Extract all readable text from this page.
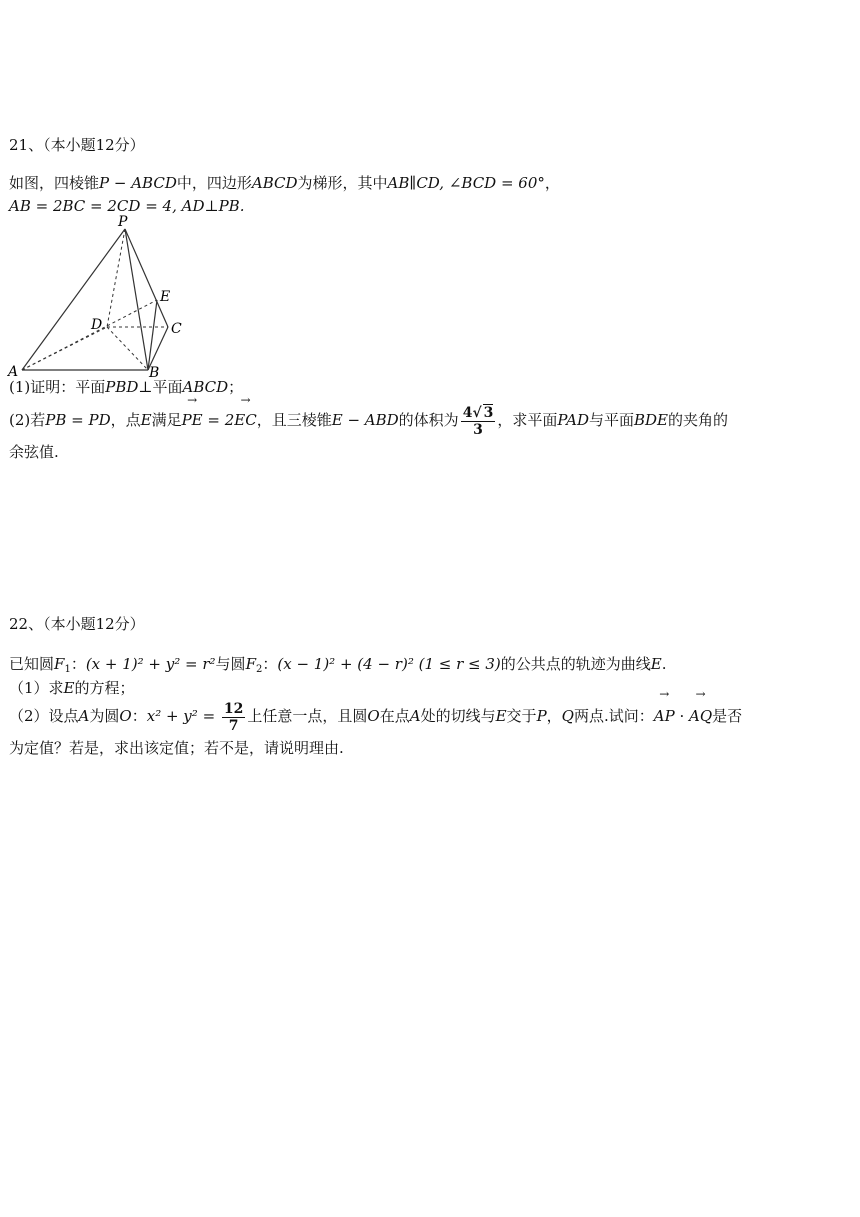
21、（本小题12分）
如图，四棱锥P − ABCD中，四边形ABCD为梯形，其中AB∥CD, ∠BCD = 60°，
AB = 2BC = 2CD = 4, AD⊥PB.
P
A	B
C
D
E
(1)证明：平面PBD⊥平面ABCD；
(2)若PB = PD，点E满足→ PE = 2→ EC，且三棱锥E − ABD的体积为 $\frac{4√ 3}{3}$ ，求平面PAD与平面BDE的夹角的
余弦值.
22、（本小题12分）
已知圆$F_1$：(x + 1)² + y² = r²与圆$F_2$：(x − 1)² + (4 − r)² (1 ≤ r ≤ 3)的公共点的轨迹为曲线E.
（1）求E的方程；
（2）设点A为圆O：$x^2 + y^2 = \frac{12}{7}$ 上任意一点，且圆O在点A处的切线与E交于P，Q两点.试问：→ AP · → AQ是否
为定值？若是，求出该定值；若不是，请说明理由.
